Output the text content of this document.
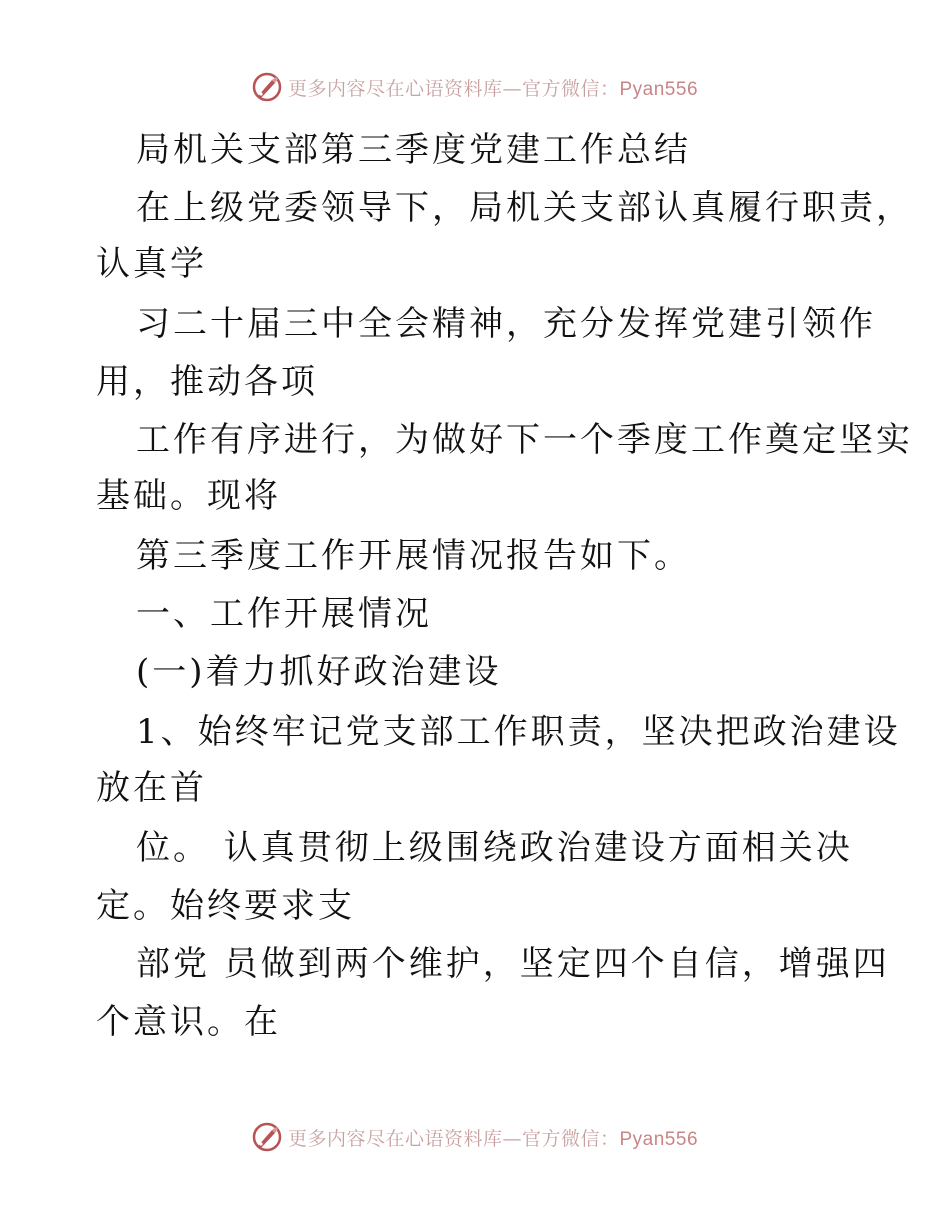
更多内容尽在心语资料库—官方微信：Pyan556
局机关支部第三季度党建工作总结
在上级党委领导下，局机关支部认真履行职责，
认真学
习二十届三中全会精神，充分发挥党建引领作
用，推动各项
工作有序进行，为做好下一个季度工作奠定坚实
基础。现将
第三季度工作开展情况报告如下。
一、工作开展情况
(一)着力抓好政治建设
1、始终牢记党支部工作职责，坚决把政治建设
放在首
位。 认真贯彻上级围绕政治建设方面相关决
定。始终要求支
部党 员做到两个维护，坚定四个自信，增强四
个意识。在
更多内容尽在心语资料库—官方微信：Pyan556
